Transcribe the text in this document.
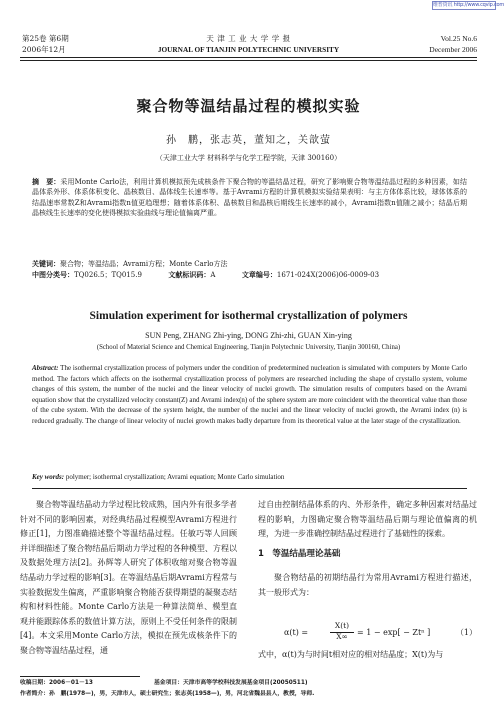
维普资讯 http://www.cqvip.com
第25卷 第6期
2006年12月
天 津 工 业 大 学 学 报
JOURNAL OF TIANJIN POLYTECHNIC UNIVERSITY
Vol.25 No.6
December 2006
聚合物等温结晶过程的模拟实验
孙　鹏，张志英，董知之，关歆萤
（天津工业大学 材料科学与化学工程学院，天津 300160）
摘　要：采用Monte Carlo法，利用计算机模拟预先成核条件下聚合物的等温结晶过程，研究了影响聚合物等温结晶过程的多种因素，如结晶体系外形、体系体积变化、晶核数目、晶体线生长速率等。基于Avrami方程的计算机模拟实验结果表明：与主方体体系比较，球体体系的结晶速率常数Z和Avrami指数n值更趋理想；随着体系体积、晶核数目和晶核后期线生长速率的减小，Avrami指数n值随之减小；结晶后期晶核线生长速率的变化使得模拟实验曲线与理论值偏离严重。
关键词：聚合物；等温结晶；Avrami方程；Monte Carlo方法
中图分类号：TQ026.5；TQ015.9	文献标识码：A	文章编号：1671-024X(2006)06-0009-03
Simulation experiment for isothermal crystallization of polymers
SUN Peng, ZHANG Zhi-ying, DONG Zhi-zhi, GUAN Xin-ying
(School of Material Science and Chemical Engineering, Tianjin Polytechnic University, Tianjin 300160, China)
Abstract: The isothermal crystallization process of polymers under the condition of predetermined nucleation is simulated with computers by Monte Carlo method. The factors which affects on the isothermal crystallization process of polymers are researched including the shape of crystallo system, volume changes of this system, the number of the nuclei and the linear velocity of nuclei growth. The simulation results of computers based on the Avrami equation show that the crystallized velocity constant(Z) and Avrami index(n) of the sphere system are more coincident with the theoretical value than those of the cube system. With the decrease of the system height, the number of the nuclei and the linear velocity of nuclei growth, the Avrami index (n) is reduced gradually. The change of linear velocity of nuclei growth makes badly departure from its theoretical value at the later stage of the crystallization.
Key words: polymer; isothermal crystallization; Avrami equation; Monte Carlo simulation

聚合物等温结晶动力学过程比较成熟，国内外有很多学者针对不同的影响因素，对经典结晶过程模型Avrami方程进行修正[1]，力图准确描述整个等温结晶过程。任敏巧等人回顾并详细描述了聚合物结晶后期动力学过程的各种模型、方程以及数据处理方法[2]。孙辉等人研究了体积收缩对聚合物等温结晶动力学过程的影响[3]。在等温结晶后期Avrami方程常与实验数据发生偏离，严重影响聚合物能否获得期望的凝聚态结构和材料性能。Monte Carlo方法是一种算法简单、模型直观并能跟踪体系的数值计算方法，原则上不受任何条件的限制[4]。本文采用Monte Carlo方法，模拟在预先成核条件下的聚合物等温结晶过程，通

过自由控制结晶体系的内、外形条件，确定多种因素对结晶过程的影响，力图确定聚合物等温结晶后期与理论值偏离的机理，为进一步准确控制结晶过程进行了基础性的探索。

1　等温结晶理论基础

聚合物结晶的初期结晶行为常用Avrami方程进行描述，其一般形式为：

α(t) =
X(t)
X∞	= 1 − exp[ − Ztⁿ ]	（1）

式中，α(t)为与时间t相对应的相对结晶度；X(t)为与

收稿日期：2006－01－13	基金项目：天津市高等学校科技发展基金项目(20050511)
作者简介：孙　鹏(1978—)，男，天津市人，硕士研究生；张志英(1958—)，男，河北省魏县县人，教授，导师.
